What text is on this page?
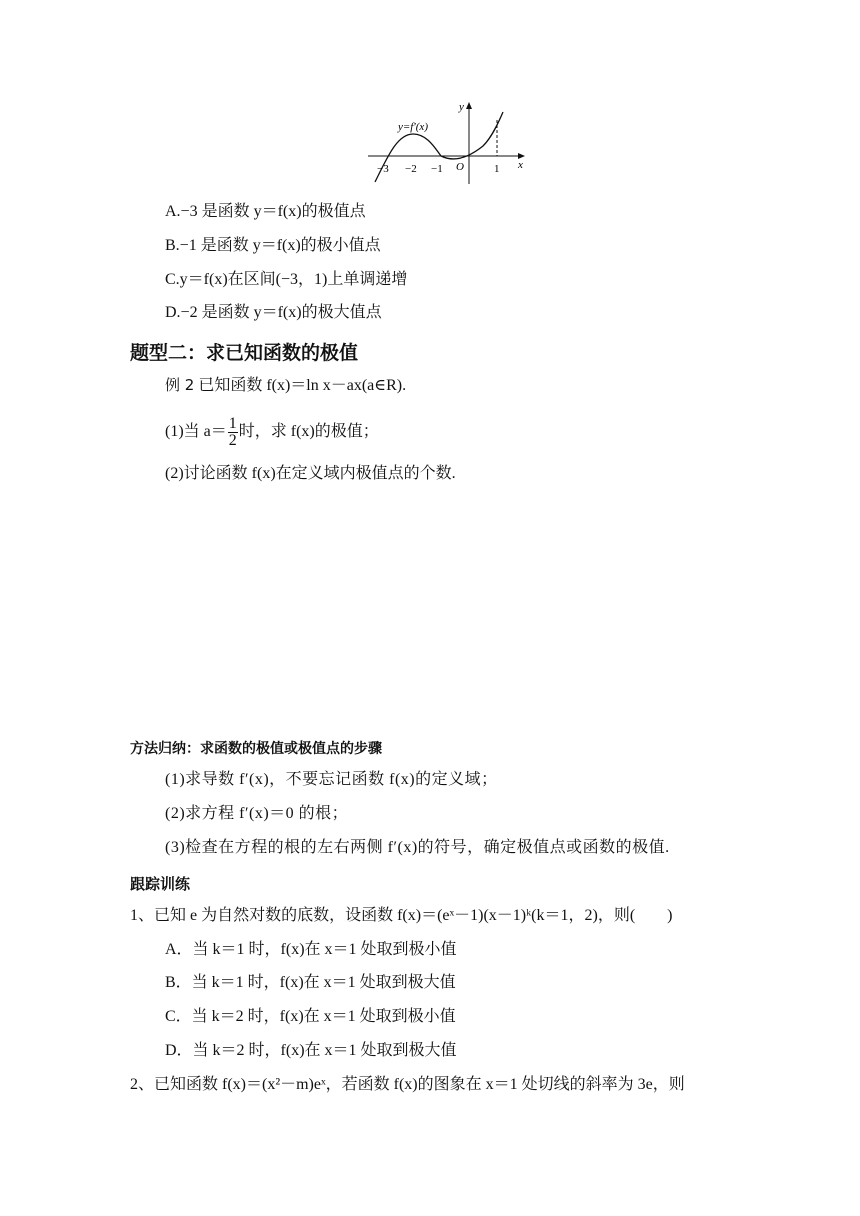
y=f′(x)
y
x
O
−3 −2 −1	1
A.−3 是函数 y＝f(x)的极值点
B.−1 是函数 y＝f(x)的极小值点
C.y＝f(x)在区间(−3，1)上单调递增
D.−2 是函数 y＝f(x)的极大值点
题型二：求已知函数的极值
例 2 已知函数 f(x)＝ln x－ax(a∈R).
(1)当 $a= \frac{1}{2}$ 时，求 f(x)的极值；
(2)讨论函数 f(x)在定义域内极值点的个数.
方法归纳：求函数的极值或极值点的步骤
(1)求导数 f′(x)，不要忘记函数 f(x)的定义域；
(2)求方程 f′(x)＝0 的根；
(3)检查在方程的根的左右两侧 f′(x)的符号，确定极值点或函数的极值.
跟踪训练
1、已知 e 为自然对数的底数，设函数 f(x)＝(eˣ－1)(x－1)ᵏ(k＝1，2)，则(　　)
A．当 k＝1 时，f(x)在 x＝1 处取到极小值
B．当 k＝1 时，f(x)在 x＝1 处取到极大值
C．当 k＝2 时，f(x)在 x＝1 处取到极小值
D．当 k＝2 时，f(x)在 x＝1 处取到极大值
2、已知函数 f(x)＝(x²－m)eˣ，若函数 f(x)的图象在 x＝1 处切线的斜率为 3e，则
